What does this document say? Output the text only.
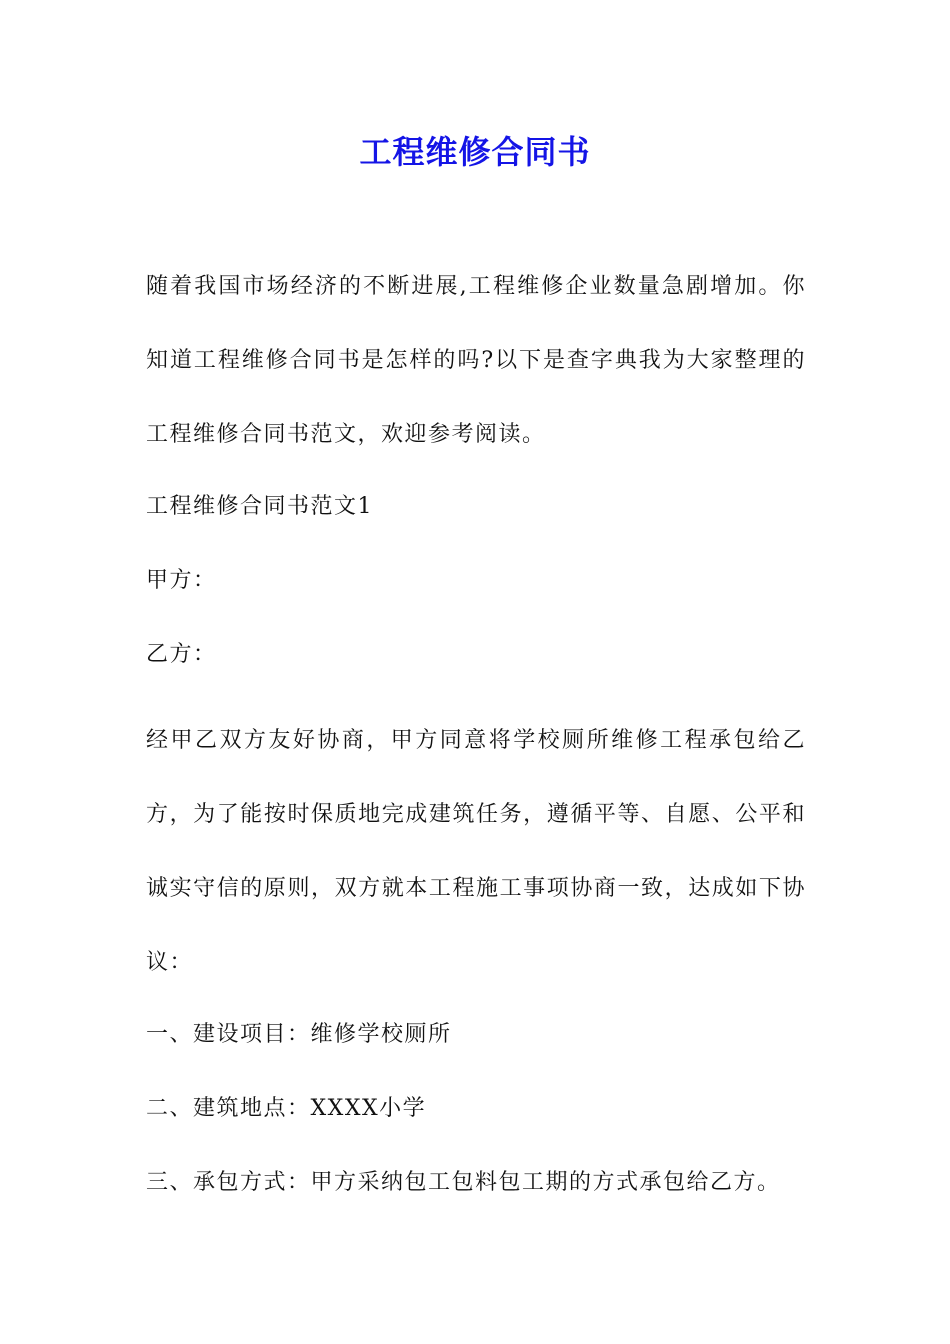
工程维修合同书

随着我国市场经济的不断进展,工程维修企业数量急剧增加。你知道工程维修合同书是怎样的吗?以下是查字典我为大家整理的工程维修合同书范文，欢迎参考阅读。

工程维修合同书范文1

甲方：

乙方：

经甲乙双方友好协商，甲方同意将学校厕所维修工程承包给乙方，为了能按时保质地完成建筑任务，遵循平等、自愿、公平和诚实守信的原则，双方就本工程施工事项协商一致，达成如下协议：

一、建设项目：维修学校厕所

二、建筑地点：XXXX小学

三、承包方式：甲方采纳包工包料包工期的方式承包给乙方。
